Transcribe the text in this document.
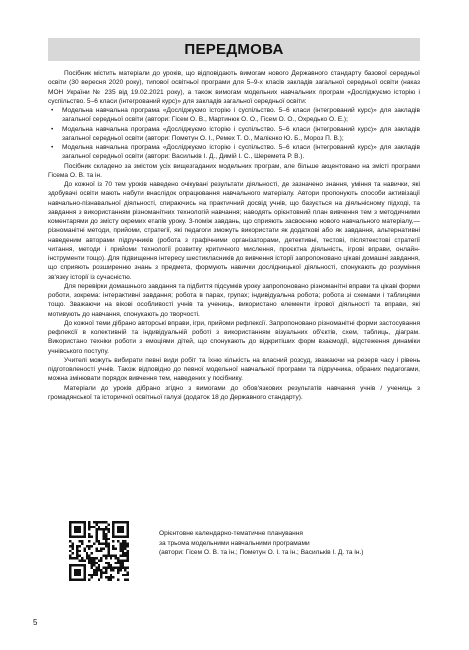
ПЕРЕДМОВА

Посібник містить матеріали до уроків, що відповідають вимогам нового Державного стандарту базової середньої освіти (30 вересня 2020 року), типової освітньої програми для 5–9-х класів закладів загальної середньої освіти (наказ МОН України № 235 від 19.02.2021 року), а також вимогам модельних навчальних програм «Досліджуємо історію і суспільство. 5–6 класи (інтегрований курс)» для закладів загальної середньої освіти:

• Модельна навчальна програма «Досліджуємо історію і суспільство. 5–6 класи (інтегрований курс)» для закладів загальної середньої освіти (автори: Гісем О. В., Мартинюк О. О., Гісем О. О., Охредько О. Е.);
• Модельна навчальна програма «Досліджуємо історію і суспільство. 5–6 класи (інтегрований курс)» для закладів загальної середньої освіти (автори: Пометун О. І., Ремех Т. О., Малієнко Ю. Б., Мороз П. В.);
• Модельна навчальна програма «Досліджуємо історію і суспільство. 5–6 класи (інтегрований курс)» для закладів загальної середньої освіти (автори: Васильків І. Д., Димій І. С., Шеремета Р. В.).

Посібник складено за змістом усіх вищезгаданих модельних програм, але більше акцентовано на змісті програми Гісема О. В. та ін.

До кожної із 70 тем уроків наведено очікувані результати діяльності, де зазначено знання, уміння та навички, які здобувачі освіти мають набути внаслідок опрацювання навчального матеріалу. Автори пропонують способи активізації навчально-пізнавальної діяльності, спираючись на практичний досвід учнів, що базується на діяльнісному підході, та завдання з використанням різноманітних технологій навчання; наводять орієнтовний план вивчення тем з методичними коментарями до змісту окремих етапів уроку. З-поміж завдань, що сприяють засвоєнню нового навчального матеріалу,— різноманітні методи, прийоми, стратегії, які педагоги зможуть використати як додаткові або як завдання, альтернативні наведеним авторами підручників (робота з графічними організаторами, детективні, тестові, післятекстові стратегії читання, методи і прийоми технології розвитку критичного мислення, проєктна діяльність, ігрові вправи, онлайн-інструменти тощо). Для підвищення інтересу шестикласників до вивчення історії запропоновано цікаві домашні завдання, що сприяють розширенню знань з предмета, формують навички дослідницької діяльності, спонукають до розуміння зв'язку історії із сучасністю.

Для перевірки домашнього завдання та підбиття підсумків уроку запропоновано різноманітні вправи та цікаві форми роботи, зокрема: інтерактивні завдання; робота в парах, групах; індивідуальна робота; робота зі схемами і таблицями тощо. Зважаючи на вікові особливості учнів та учениць, використано елементи ігрової діяльності та вправи, які мотивують до навчання, спонукають до творчості.

До кожної теми дібрано авторські вправи, ігри, прийоми рефлексії. Запропоновано різноманітні форми застосування рефлексії в колективній та індивідуальній роботі з використанням візуальних об'єктів, схем, таблиць, діаграм. Використано техніки роботи з емоціями дітей, що спонукають до відкритіших форм взаємодії, відстеження динаміки учнівського поступу.

Учителі можуть вибирати певні види робіт та їхню кількість на власний розсуд, зважаючи на резерв часу і рівень підготовленості учнів. Також відповідно до певної модельної навчальної програми та підручника, обраних педагогами, можна змінювати порядок вивчення тем, наведених у посібнику.

Матеріали до уроків дібрано згідно з вимогами до обов'язкових результатів навчання учнів / учениць з громадянської та історичної освітньої галузі (додаток 18 до Державного стандарту).

Орієнтовне календарно-тематичне планування
за трьома модельними навчальними програмами
(автори: Гісем О. В. та ін.; Пометун О. І. та ін.; Васильків І. Д. та ін.)
5
